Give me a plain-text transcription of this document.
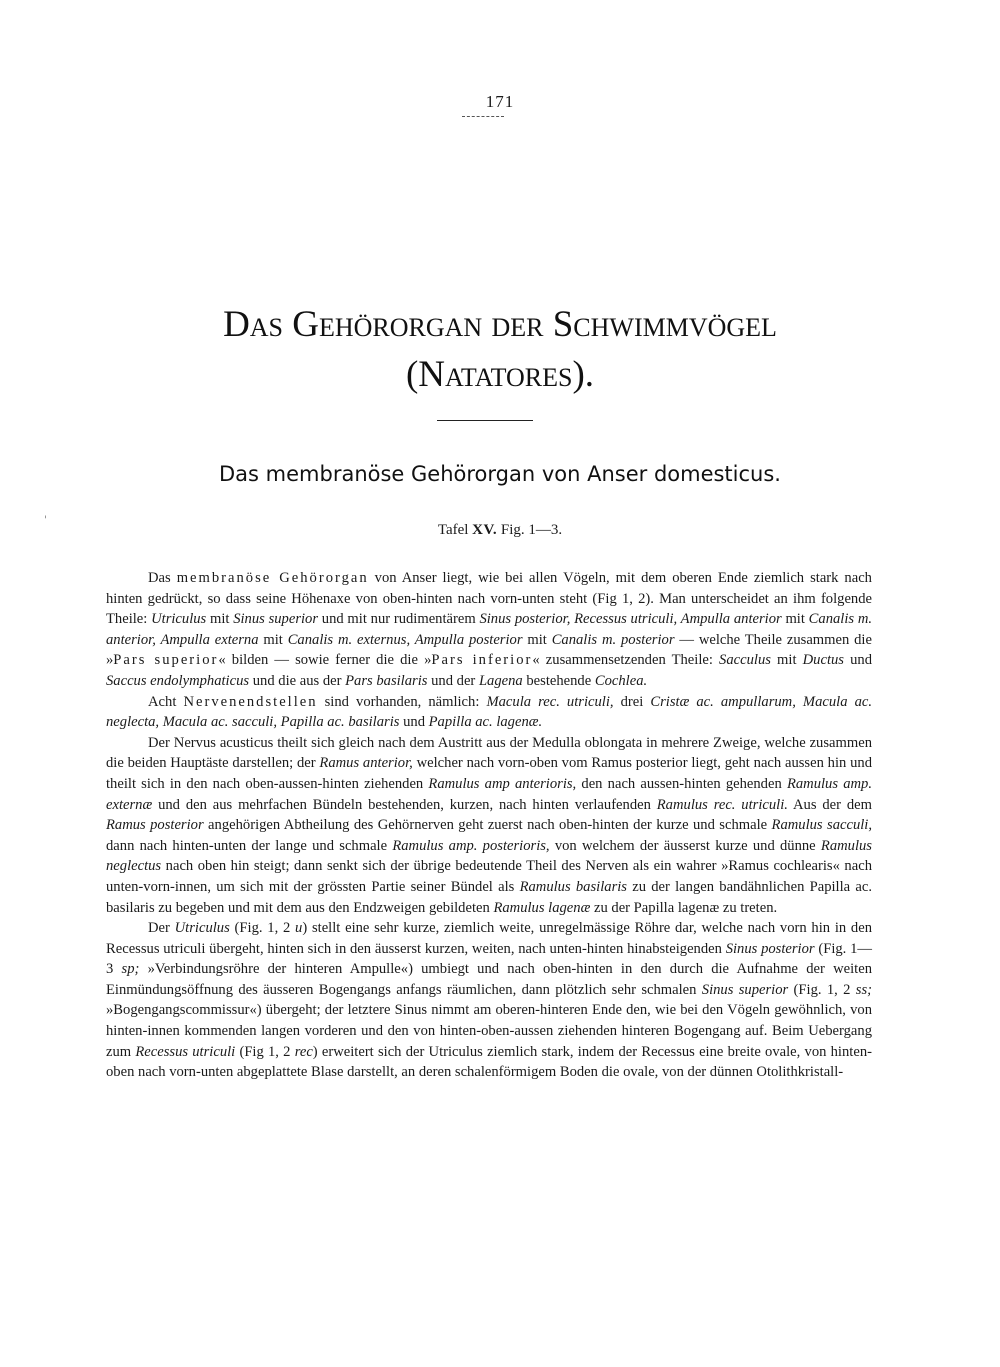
171
Das Gehörorgan der Schwimmvögel
(Natatores).
Das membranöse Gehörorgan von Anser domesticus.
Tafel XV. Fig. 1—3.
'

Das membranöse Gehörorgan von Anser liegt, wie bei allen Vögeln, mit dem oberen Ende ziemlich stark nach hinten gedrückt, so dass seine Höhenaxe von oben-hinten nach vorn-unten steht (Fig 1, 2). Man unterscheidet an ihm folgende Theile: Utriculus mit Sinus superior und mit nur rudimentärem Sinus posterior, Recessus utriculi, Ampulla anterior mit Canalis m. anterior, Ampulla externa mit Canalis m. externus, Ampulla posterior mit Canalis m. posterior — welche Theile zusammen die »Pars superior« bilden — sowie ferner die die »Pars inferior« zusammensetzenden Theile: Sacculus mit Ductus und Saccus endolymphaticus und die aus der Pars basilaris und der Lagena bestehende Cochlea.

Acht Nervenendstellen sind vorhanden, nämlich: Macula rec. utriculi, drei Cristæ ac. ampullarum, Macula ac. neglecta, Macula ac. sacculi, Papilla ac. basilaris und Papilla ac. lagenæ.

Der Nervus acusticus theilt sich gleich nach dem Austritt aus der Medulla oblongata in mehrere Zweige, welche zusammen die beiden Hauptäste darstellen; der Ramus anterior, welcher nach vorn-oben vom Ramus posterior liegt, geht nach aussen hin und theilt sich in den nach oben-aussen-hinten ziehenden Ramulus amp anterioris, den nach aussen-hinten gehenden Ramulus amp. externæ und den aus mehrfachen Bündeln bestehenden, kurzen, nach hinten verlaufenden Ramulus rec. utriculi. Aus der dem Ramus posterior angehörigen Abtheilung des Gehörnerven geht zuerst nach oben-hinten der kurze und schmale Ramulus sacculi, dann nach hinten-unten der lange und schmale Ramulus amp. posterioris, von welchem der äusserst kurze und dünne Ramulus neglectus nach oben hin steigt; dann senkt sich der übrige bedeutende Theil des Nerven als ein wahrer »Ramus cochlearis« nach unten-vorn-innen, um sich mit der grössten Partie seiner Bündel als Ramulus basilaris zu der langen bandähnlichen Papilla ac. basilaris zu begeben und mit dem aus den Endzweigen gebildeten Ramulus lagenæ zu der Papilla lagenæ zu treten.

Der Utriculus (Fig. 1, 2 u) stellt eine sehr kurze, ziemlich weite, unregelmässige Röhre dar, welche nach vorn hin in den Recessus utriculi übergeht, hinten sich in den äusserst kurzen, weiten, nach unten-hinten hinabsteigenden Sinus posterior (Fig. 1—3 sp; »Verbindungsröhre der hinteren Ampulle«) umbiegt und nach oben-hinten in den durch die Aufnahme der weiten Einmündungsöffnung des äusseren Bogengangs anfangs räumlichen, dann plötzlich sehr schmalen Sinus superior (Fig. 1, 2 ss; »Bogengangscommissur«) übergeht; der letztere Sinus nimmt am oberen-hinteren Ende den, wie bei den Vögeln gewöhnlich, von hinten-innen kommenden langen vorderen und den von hinten-oben-aussen ziehenden hinteren Bogengang auf. Beim Uebergang zum Recessus utriculi (Fig 1, 2 rec) erweitert sich der Utriculus ziemlich stark, indem der Recessus eine breite ovale, von hinten-oben nach vorn-unten abgeplattete Blase darstellt, an deren schalenförmigem Boden die ovale, von der dünnen Otolithkristall-
